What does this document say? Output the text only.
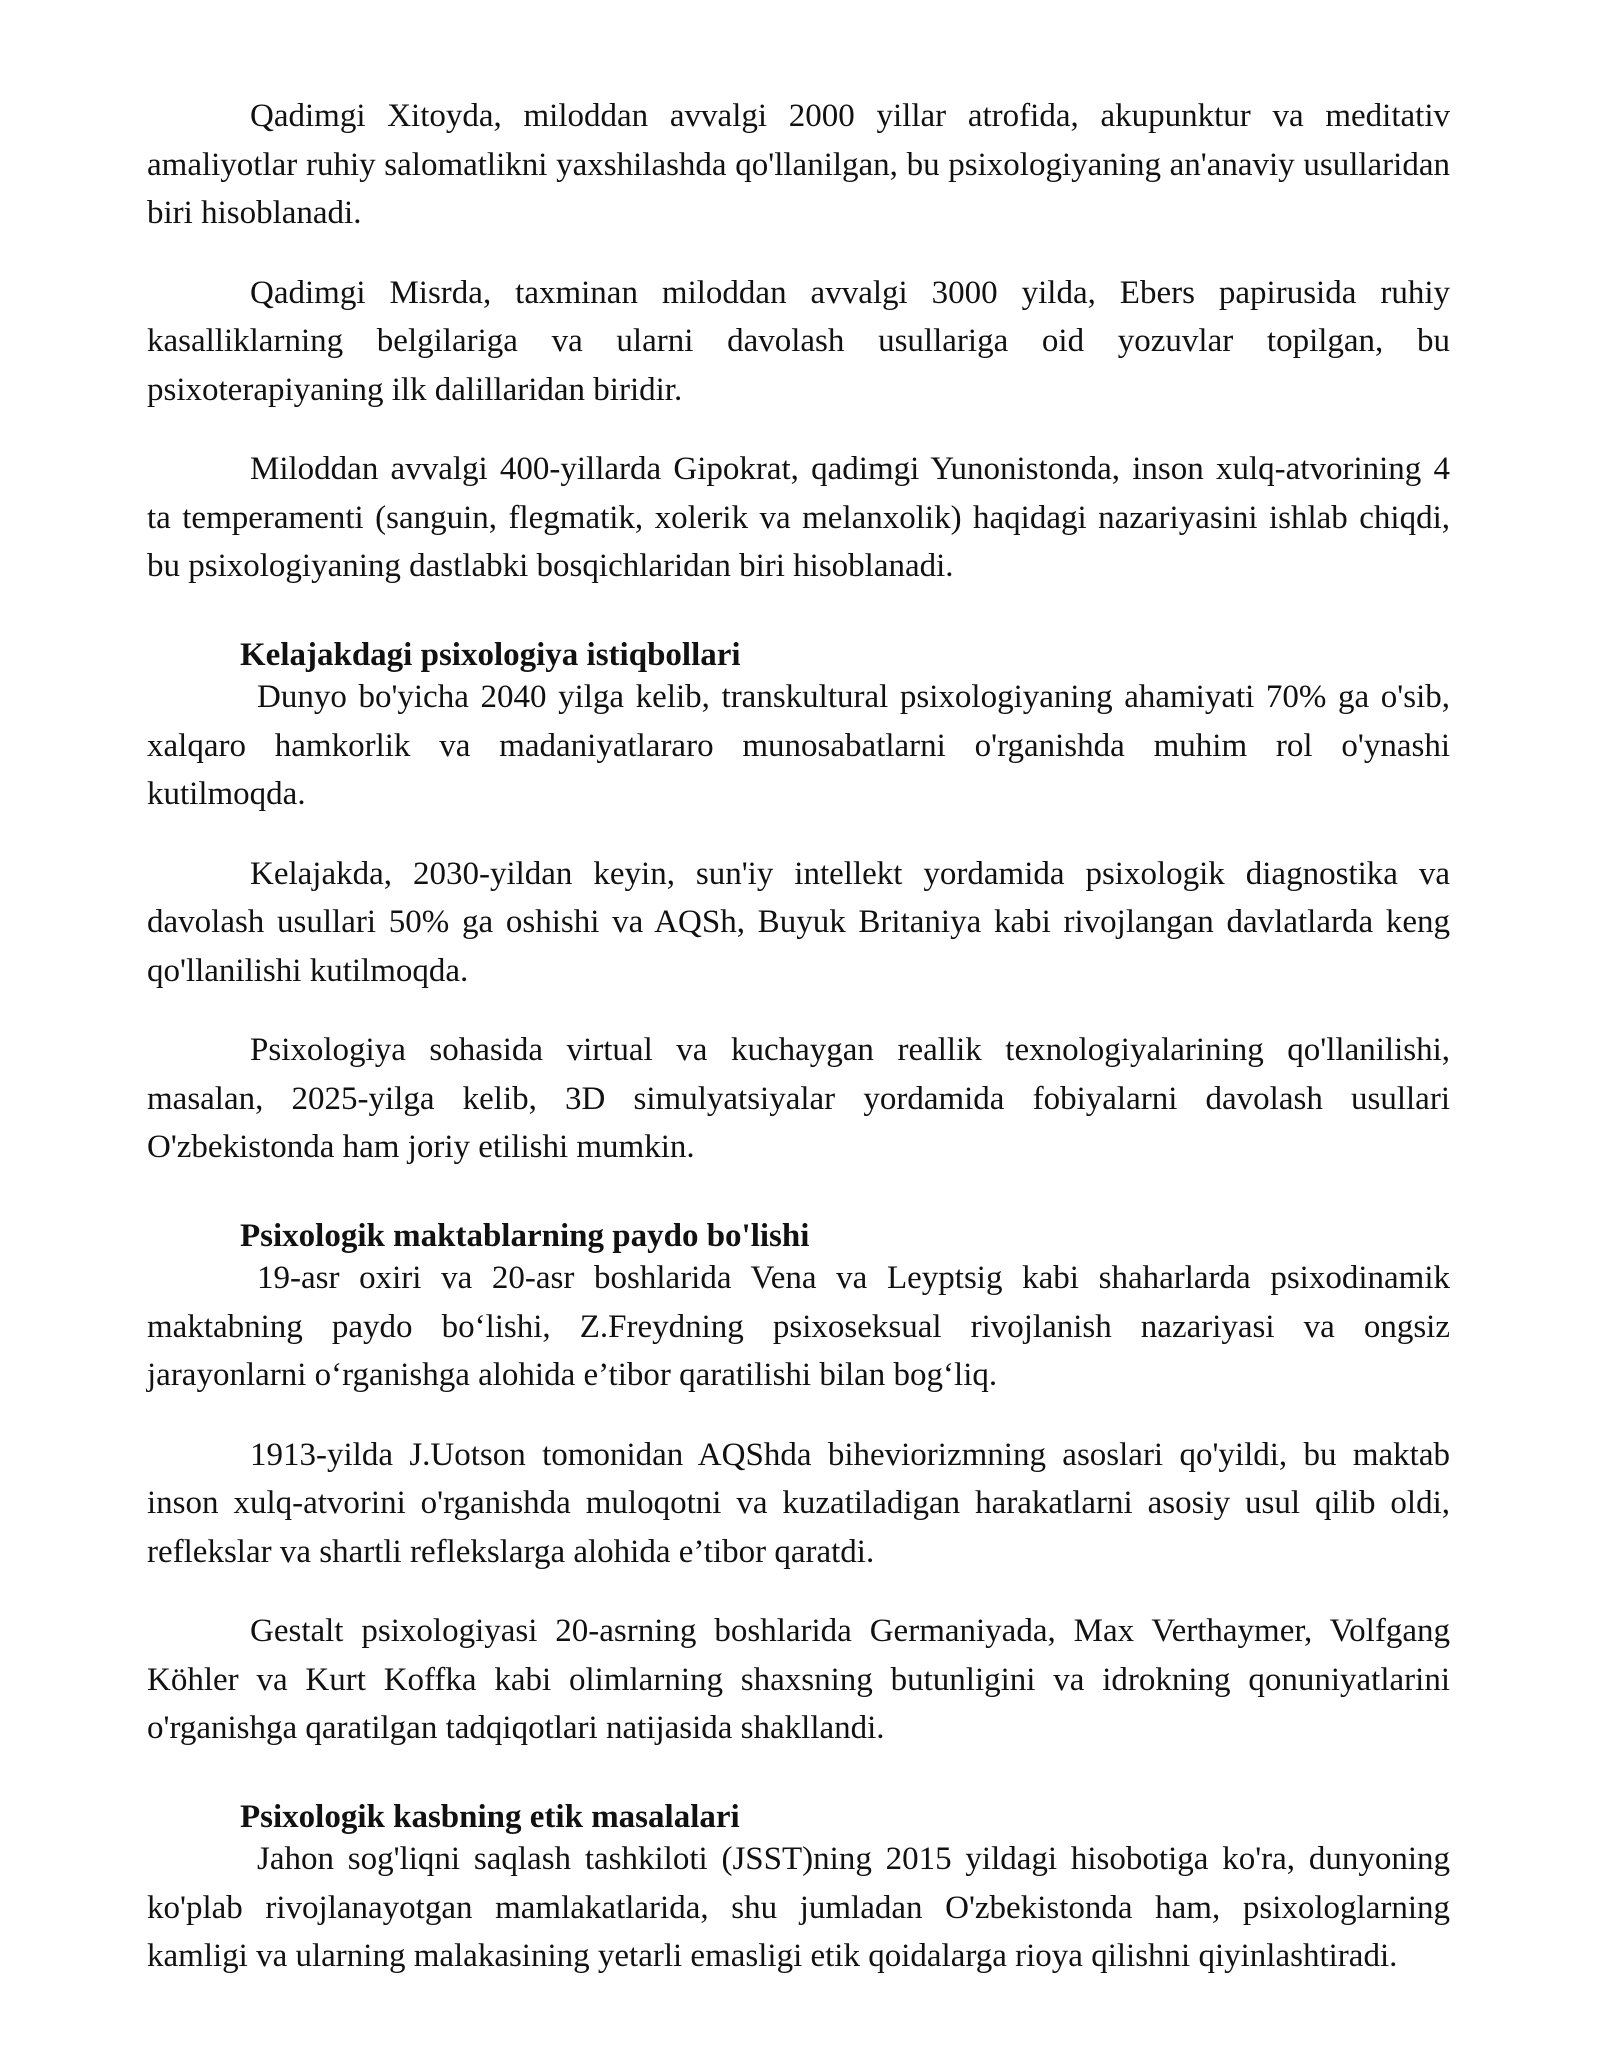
Qadimgi Xitoyda, miloddan avvalgi 2000 yillar atrofida, akupunktur va meditativ amaliyotlar ruhiy salomatlikni yaxshilashda qo'llanilgan, bu psixologiyaning an'anaviy usullaridan biri hisoblanadi.

Qadimgi Misrda, taxminan miloddan avvalgi 3000 yilda, Ebers papirusida ruhiy kasalliklarning belgilariga va ularni davolash usullariga oid yozuvlar topilgan, bu psixoterapiyaning ilk dalillaridan biridir.

Miloddan avvalgi 400-yillarda Gipokrat, qadimgi Yunonistonda, inson xulq-atvorining 4 ta temperamenti (sanguin, flegmatik, xolerik va melanxolik) haqidagi nazariyasini ishlab chiqdi, bu psixologiyaning dastlabki bosqichlaridan biri hisoblanadi.

Kelajakdagi psixologiya istiqbollari

Dunyo bo'yicha 2040 yilga kelib, transkultural psixologiyaning ahamiyati 70% ga o'sib, xalqaro hamkorlik va madaniyatlararo munosabatlarni o'rganishda muhim rol o'ynashi kutilmoqda.

Kelajakda, 2030-yildan keyin, sun'iy intellekt yordamida psixologik diagnostika va davolash usullari 50% ga oshishi va AQSh, Buyuk Britaniya kabi rivojlangan davlatlarda keng qo'llanilishi kutilmoqda.

Psixologiya sohasida virtual va kuchaygan reallik texnologiyalarining qo'llanilishi, masalan, 2025-yilga kelib, 3D simulyatsiyalar yordamida fobiyalarni davolash usullari O'zbekistonda ham joriy etilishi mumkin.

Psixologik maktablarning paydo bo'lishi

19-asr oxiri va 20-asr boshlarida Vena va Leyptsig kabi shaharlarda psixodinamik maktabning paydo bo‘lishi, Z.Freydning psixoseksual rivojlanish nazariyasi va ongsiz jarayonlarni o‘rganishga alohida e’tibor qaratilishi bilan bog‘liq.

1913-yilda J.Uotson tomonidan AQShda biheviorizmning asoslari qo'yildi, bu maktab inson xulq-atvorini o'rganishda muloqotni va kuzatiladigan harakatlarni asosiy usul qilib oldi, reflekslar va shartli reflekslarga alohida e’tibor qaratdi.

Gestalt psixologiyasi 20-asrning boshlarida Germaniyada, Max Verthaymer, Volfgang Köhler va Kurt Koffka kabi olimlarning shaxsning butunligini va idrokning qonuniyatlarini o'rganishga qaratilgan tadqiqotlari natijasida shakllandi.

Psixologik kasbning etik masalalari

Jahon sog'liqni saqlash tashkiloti (JSST)ning 2015 yildagi hisobotiga ko'ra, dunyoning ko'plab rivojlanayotgan mamlakatlarida, shu jumladan O'zbekistonda ham, psixologlarning kamligi va ularning malakasining yetarli emasligi etik qoidalarga rioya qilishni qiyinlashtiradi.
